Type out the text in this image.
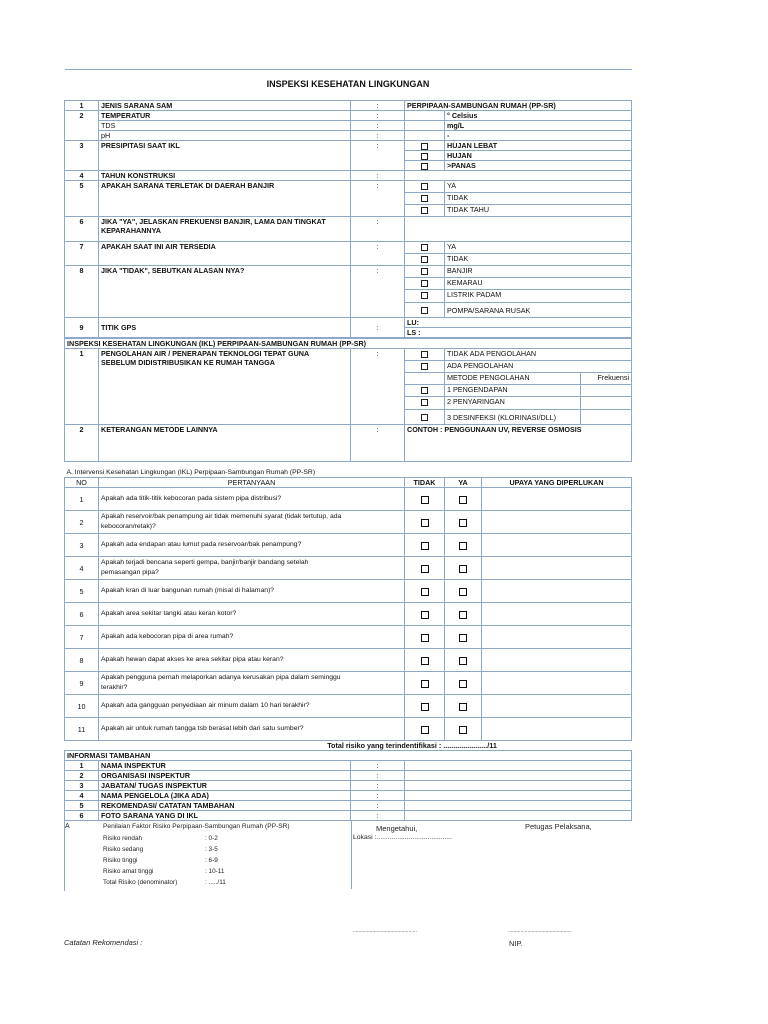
INSPEKSI KESEHATAN LINGKUNGAN				

1	JENIS SARANA SAM	:	PERPIPAAN-SAMBUNGAN RUMAH (PP-SR)	
2	TEMPERATUR	:		° Celsius
	TDS	:		mg/L
	pH	:		-
3	PRESIPITASI SAAT IKL	:		HUJAN LEBAT
				HUJAN
				>PANAS
4	TAHUN KONSTRUKSI	:		
5	APAKAH SARANA TERLETAK DI DAERAH BANJIR	:		YA
				TIDAK
				TIDAK TAHU
6	JIKA "YA", JELASKAN FREKUENSI BANJIR, LAMA DAN TINGKAT
KEPARAHANNYA	:		
7	APAKAH SAAT INI AIR TERSEDIA	:		YA
				TIDAK
8	JIKA "TIDAK", SEBUTKAN ALASAN NYA?	:		BANJIR
				KEMARAU
				LISTRIK PADAM
				POMPA/SARANA RUSAK
9	TITIK GPS	:	LU:	
			LS :	
INSPEKSI KESEHATAN LINGKUNGAN (IKL) PERPIPAAN-SAMBUNGAN RUMAH (PP-SR)					
1	PENGOLAHAN AIR / PENERAPAN TEKNOLOGI TEPAT GUNA
SEBELUM DIDISTRIBUSIKAN KE RUMAH TANGGA	:		TIDAK ADA PENGOLAHAN	
				ADA PENGOLAHAN	
				METODE PENGOLAHAN	Frekuensi
				1 PENGENDAPAN	
				2 PENYARINGAN	
				3 DESINFEKSI (KLORINASI/DLL)	
2	KETERANGAN METODE LAINNYA	:	CONTOH : PENGGUNAAN UV, REVERSE OSMOSIS		
A. Intervensi Kesehatan Lingkungan (IKL) Perpipaan-Sambungan Rumah (PP-SR)				
NO	PERTANYAAN	TIDAK	YA	UPAYA YANG DIPERLUKAN
1	Apakah ada titik-titik kebocoran pada sistem pipa distribusi?			

2	Apakah reservoir/bak penampung air tidak memenuhi syarat (tidak tertutup, ada
kebocoran/retak)?			

3	Apakah ada endapan atau lumut pada reservoar/bak penampung?			

4	Apakah terjadi bencana seperti gempa, banjir/banjir bandang setelah
pemasangan pipa?			

5	Apakah kran di luar bangunan rumah (misal di halaman)?			

6	Apakah area sekitar tangki atau keran kotor?			

7	Apakah ada kebocoran pipa di area rumah?			

8	Apakah hewan dapat akses ke area sekitar pipa atau keran?			

9	Apakah pengguna pernah melaporkan adanya kerusakan pipa dalam seminggu
terakhir?			

10	Apakah ada gangguan penyediaan air minum dalam 10 hari terakhir?			

11	Apakah air untuk rumah tangga tsb berasal lebih dari satu sumber?			

Total risiko yang terindentifikasi : ....................../11				
INFORMASI TAMBAHAN			
1	NAMA INSPEKTUR	:	
2	ORGANISASI INSPEKTUR	:	
3	JABATAN/ TUGAS INSPEKTUR	:	
4	NAMA PENGELOLA (JIKA ADA)	:	
5	REKOMENDASI/ CATATAN TAMBAHAN	:	
6	FOTO SARANA YANG DI IKL	:	
A	Penilaian Faktor Risiko Perpipaan-Sambungan Rumah (PP-SR)
Risiko rendah	: 0-2
Risiko sedang	: 3-5
Risiko tinggi	: 6-9
Risiko amat tinggi	: 10-11
Total Risiko (denominator)	: ...../11
Mengetahui,
Lokasi :........................................
Petugas Pelaksana,
..............................................	..............................................
NIP.
Catatan Rekomendasi :
